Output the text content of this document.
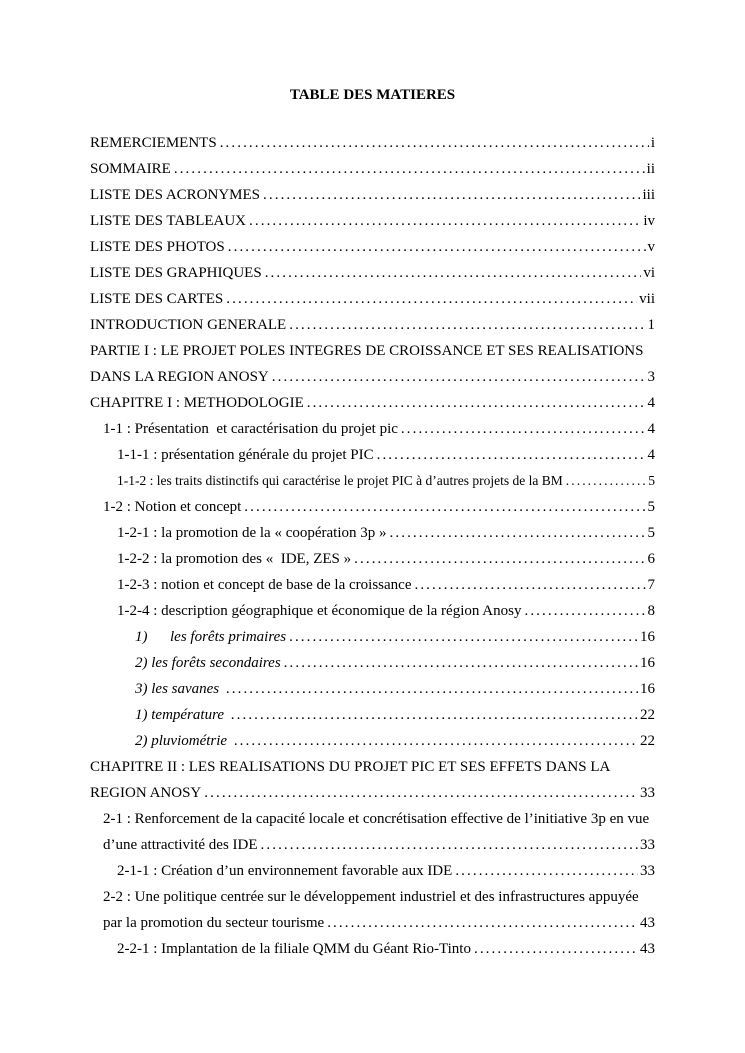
TABLE DES MATIERES
REMERCIEMENTS .....	i
SOMMAIRE .....	ii
LISTE DES ACRONYMES .....	iii
LISTE DES TABLEAUX .....	iv
LISTE DES PHOTOS .....	v
LISTE DES GRAPHIQUES .....	vi
LISTE DES CARTES .....	vii
INTRODUCTION GENERALE .....	1
PARTIE I : LE PROJET POLES INTEGRES DE CROISSANCE ET SES REALISATIONS
DANS LA REGION ANOSY .....	3
CHAPITRE I : METHODOLOGIE .....	4
1-1 : Présentation  et caractérisation du projet pic .....	4
1-1-1 : présentation générale du projet PIC .....	4
1-1-2 : les traits distinctifs qui caractérise le projet PIC à d’autres projets de la BM .....	5
1-2 : Notion et concept .....	5
1-2-1 : la promotion de la « coopération 3p » .....	5
1-2-2 : la promotion des «  IDE, ZES » .....	6
1-2-3 : notion et concept de base de la croissance .....	7
1-2-4 : description géographique et économique de la région Anosy .....	8
1)      les forêts primaires .....	16
2) les forêts secondaires .....	16
3) les savanes .....	16
1) température .....	22
2) pluviométrie .....	22
CHAPITRE II : LES REALISATIONS DU PROJET PIC ET SES EFFETS DANS LA
REGION ANOSY .....	33
2-1 : Renforcement de la capacité locale et concrétisation effective de l’initiative 3p en vue
d’une attractivité des IDE .....	33
2-1-1 : Création d’un environnement favorable aux IDE .....	33
2-2 : Une politique centrée sur le développement industriel et des infrastructures appuyée
par la promotion du secteur tourisme .....	43
2-2-1 : Implantation de la filiale QMM du Géant Rio-Tinto .....	43
